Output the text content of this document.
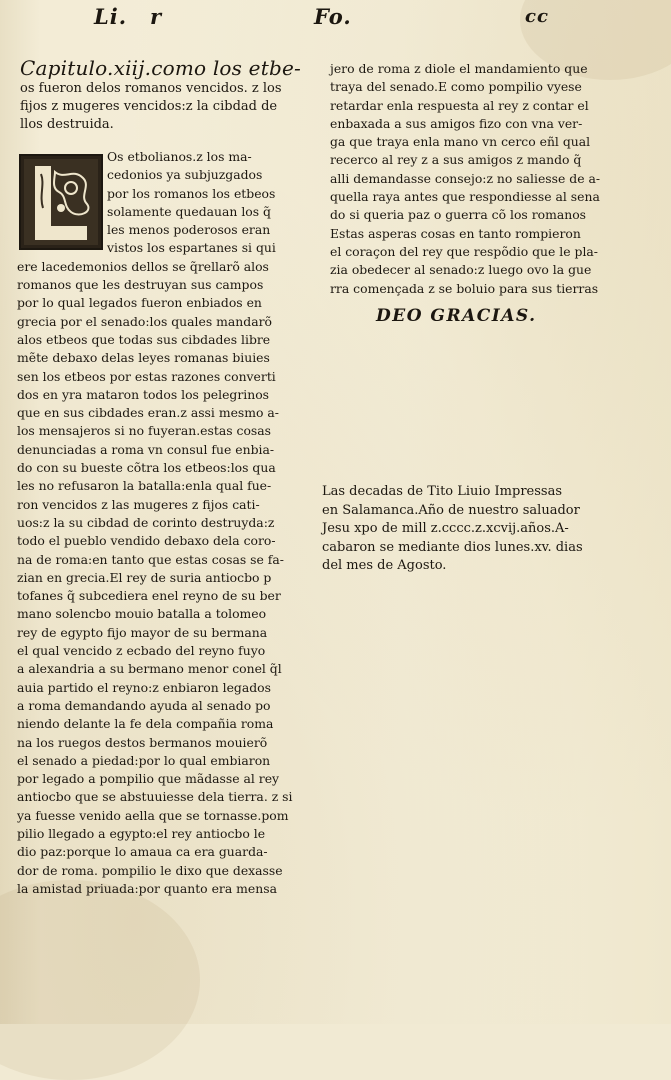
Li. r	Fo.	cc
Capitulo.xiij.como los etbe-
os fueron delos romanos vencidos. z los
fijos z mugeres vencidos:z la cibdad de
llos destruida.
Os etbolianos.z los ma-
cedonios ya subjuzgados
por los romanos los etbeos
solamente quedauan los q̃
les menos poderosos eran
vistos los espartanes si qui
ere lacedemonios dellos se q̃rellarõ alos
romanos que les destruyan sus campos
por lo qual legados fueron enbiados en
grecia por el senado:los quales mandarõ
alos etbeos que todas sus cibdades libre
mẽte debaxo delas leyes romanas biuies
sen los etbeos por estas razones converti
dos en yra mataron todos los pelegrinos
que en sus cibdades eran.z assi mesmo a-
los mensajeros si no fuyeran.estas cosas
denunciadas a roma vn consul fue enbia-
do con su bueste cõtra los etbeos:los qua
les no refusaron la batalla:enla qual fue-
ron vencidos z las mugeres z fijos cati-
uos:z la su cibdad de corinto destruyda:z
todo el pueblo vendido debaxo dela coro-
na de roma:en tanto que estas cosas se fa-
zian en grecia.El rey de suria antiocbo p
tofanes q̃ subcediera enel reyno de su ber
mano solencbo mouio batalla a tolomeo
rey de egypto fijo mayor de su bermana
el qual vencido z ecbado del reyno fuyo
a alexandria a su bermano menor conel q̃l
auia partido el reyno:z enbiaron legados
a roma demandando ayuda al senado po
niendo delante la fe dela compañia roma
na los ruegos destos bermanos mouierõ
el senado a piedad:por lo qual embiaron
por legado a pompilio que mãdasse al rey
antiocbo que se abstuuiesse dela tierra. z si
ya fuesse venido aella que se tornasse.pom
pilio llegado a egypto:el rey antiocbo le
dio paz:porque lo amaua ca era guarda-
dor de roma. pompilio le dixo que dexasse
la amistad priuada:por quanto era mensa
jero de roma z diole el mandamiento que
traya del senado.E como pompilio vyese
retardar enla respuesta al rey z contar el
enbaxada a sus amigos fizo con vna ver-
ga que traya enla mano vn cerco eñl qual
recerco al rey z a sus amigos z mando q̃
alli demandasse consejo:z no saliesse de a-
quella raya antes que respondiesse al sena
do si queria paz o guerra cõ los romanos
Estas asperas cosas en tanto rompieron
el coraçon del rey que respõdio que le pla-
zia obedecer al senado:z luego ovo la gue
rra començada z se boluio para sus tierras
DEO GRACIAS.
Las decadas de Tito Liuio Impressas
en Salamanca.Año de nuestro saluador
Jesu xpo de mill z.cccc.z.xcvij.años.A-
cabaron se mediante dios lunes.xv. dias
del mes de Agosto.
